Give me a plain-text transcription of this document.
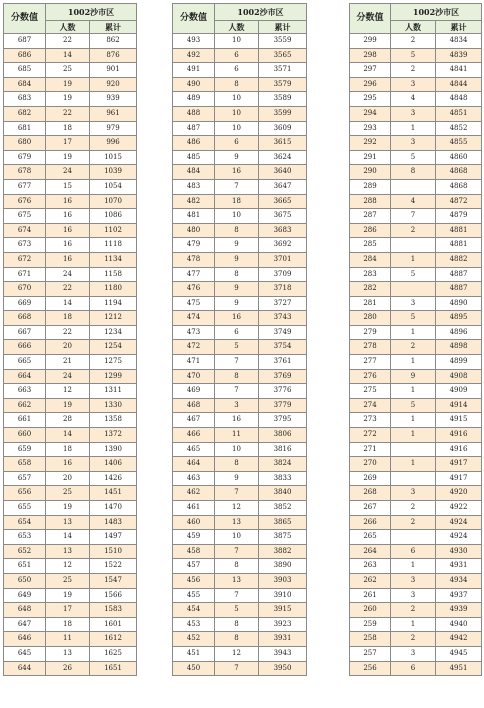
分数值	1002沙市区	
	人数	累计
687	22	862
686	14	876
685	25	901
684	19	920
683	19	939
682	22	961
681	18	979
680	17	996
679	19	1015
678	24	1039
677	15	1054
676	16	1070
675	16	1086
674	16	1102
673	16	1118
672	16	1134
671	24	1158
670	22	1180
669	14	1194
668	18	1212
667	22	1234
666	20	1254
665	21	1275
664	24	1299
663	12	1311
662	19	1330
661	28	1358
660	14	1372
659	18	1390
658	16	1406
657	20	1426
656	25	1451
655	19	1470
654	13	1483
653	14	1497
652	13	1510
651	12	1522
650	25	1547
649	19	1566
648	17	1583
647	18	1601
646	11	1612
645	13	1625
644	26	1651
分数值	1002沙市区	
	人数	累计
493	10	3559
492	6	3565
491	6	3571
490	8	3579
489	10	3589
488	10	3599
487	10	3609
486	6	3615
485	9	3624
484	16	3640
483	7	3647
482	18	3665
481	10	3675
480	8	3683
479	9	3692
478	9	3701
477	8	3709
476	9	3718
475	9	3727
474	16	3743
473	6	3749
472	5	3754
471	7	3761
470	8	3769
469	7	3776
468	3	3779
467	16	3795
466	11	3806
465	10	3816
464	8	3824
463	9	3833
462	7	3840
461	12	3852
460	13	3865
459	10	3875
458	7	3882
457	8	3890
456	13	3903
455	7	3910
454	5	3915
453	8	3923
452	8	3931
451	12	3943
450	7	3950
分数值	1002沙市区	
	人数	累计
299	2	4834
298	5	4839
297	2	4841
296	3	4844
295	4	4848
294	3	4851
293	1	4852
292	3	4855
291	5	4860
290	8	4868
289		4868
288	4	4872
287	7	4879
286	2	4881
285		4881
284	1	4882
283	5	4887
282		4887
281	3	4890
280	5	4895
279	1	4896
278	2	4898
277	1	4899
276	9	4908
275	1	4909
274	5	4914
273	1	4915
272	1	4916
271		4916
270	1	4917
269		4917
268	3	4920
267	2	4922
266	2	4924
265		4924
264	6	4930
263	1	4931
262	3	4934
261	3	4937
260	2	4939
259	1	4940
258	2	4942
257	3	4945
256	6	4951
